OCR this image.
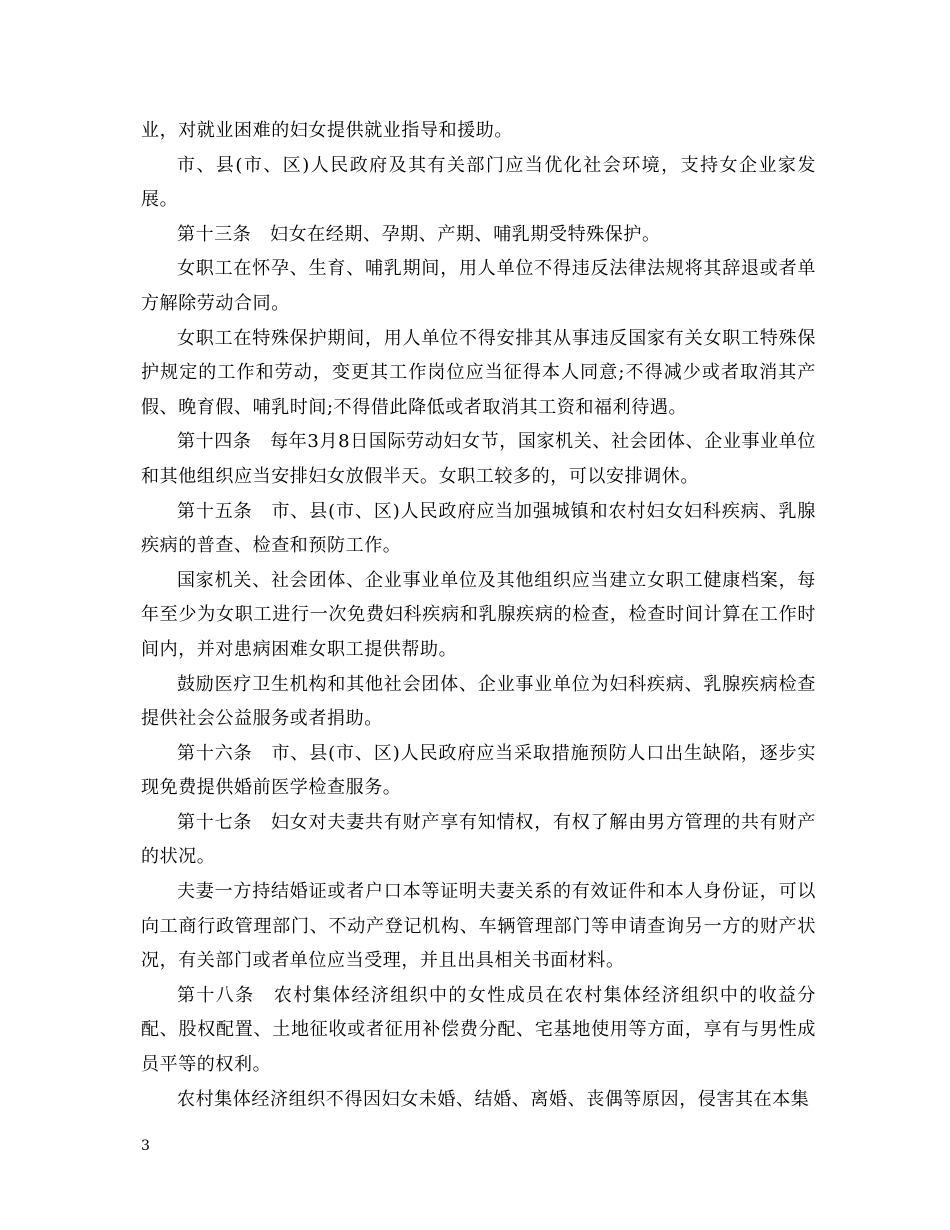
业，对就业困难的妇女提供就业指导和援助。

市、县(市、区)人民政府及其有关部门应当优化社会环境，支持女企业家发展。

第十三条　妇女在经期、孕期、产期、哺乳期受特殊保护。

女职工在怀孕、生育、哺乳期间，用人单位不得违反法律法规将其辞退或者单方解除劳动合同。

女职工在特殊保护期间，用人单位不得安排其从事违反国家有关女职工特殊保护规定的工作和劳动，变更其工作岗位应当征得本人同意;不得减少或者取消其产假、晚育假、哺乳时间;不得借此降低或者取消其工资和福利待遇。

第十四条　每年3月8日国际劳动妇女节，国家机关、社会团体、企业事业单位和其他组织应当安排妇女放假半天。女职工较多的，可以安排调休。

第十五条　市、县(市、区)人民政府应当加强城镇和农村妇女妇科疾病、乳腺疾病的普查、检查和预防工作。

国家机关、社会团体、企业事业单位及其他组织应当建立女职工健康档案，每年至少为女职工进行一次免费妇科疾病和乳腺疾病的检查，检查时间计算在工作时间内，并对患病困难女职工提供帮助。

鼓励医疗卫生机构和其他社会团体、企业事业单位为妇科疾病、乳腺疾病检查提供社会公益服务或者捐助。

第十六条　市、县(市、区)人民政府应当采取措施预防人口出生缺陷，逐步实现免费提供婚前医学检查服务。

第十七条　妇女对夫妻共有财产享有知情权，有权了解由男方管理的共有财产的状况。

夫妻一方持结婚证或者户口本等证明夫妻关系的有效证件和本人身份证，可以向工商行政管理部门、不动产登记机构、车辆管理部门等申请查询另一方的财产状况，有关部门或者单位应当受理，并且出具相关书面材料。

第十八条　农村集体经济组织中的女性成员在农村集体经济组织中的收益分配、股权配置、土地征收或者征用补偿费分配、宅基地使用等方面，享有与男性成员平等的权利。

农村集体经济组织不得因妇女未婚、结婚、离婚、丧偶等原因，侵害其在本集

3
